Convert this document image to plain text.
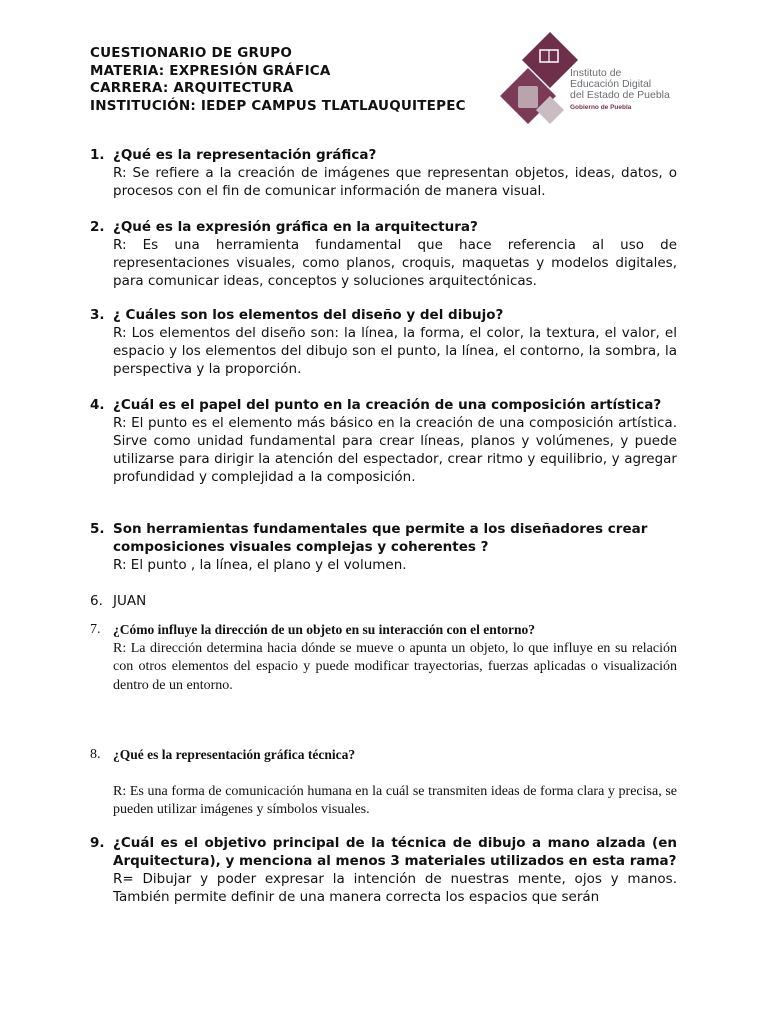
CUESTIONARIO DE GRUPO
MATERIA: EXPRESIÓN GRÁFICA
CARRERA: ARQUITECTURA
INSTITUCIÓN: IEDEP CAMPUS TLATLAUQUITEPEC
Instituto de
Educación Digital
del Estado de Puebla
Gobierno de Puebla
1. ¿Qué es la representación gráfica?
R: Se refiere a la creación de imágenes que representan objetos, ideas, datos, o procesos con el fin de comunicar información de manera visual.
2. ¿Qué es la expresión gráfica en la arquitectura?
R: Es una herramienta fundamental que hace referencia al uso de representaciones visuales, como planos, croquis, maquetas y modelos digitales, para comunicar ideas, conceptos y soluciones arquitectónicas.
3. ¿ Cuáles son los elementos del diseño y del dibujo?
R: Los elementos del diseño son: la línea, la forma, el color, la textura, el valor, el espacio y los elementos del dibujo son el punto, la línea, el contorno, la sombra, la perspectiva y la proporción.
4. ¿Cuál es el papel del punto en la creación de una composición artística?
R: El punto es el elemento más básico en la creación de una composición artística. Sirve como unidad fundamental para crear líneas, planos y volúmenes, y puede utilizarse para dirigir la atención del espectador, crear ritmo y equilibrio, y agregar profundidad y complejidad a la composición.
5. Son herramientas fundamentales que permite a los diseñadores crear composiciones visuales complejas y coherentes ?
R: El punto , la línea, el plano y el volumen.
6. JUAN
7. ¿Cómo influye la dirección de un objeto en su interacción con el entorno?
R: La dirección determina hacia dónde se mueve o apunta un objeto, lo que influye en su relación con otros elementos del espacio y puede modificar trayectorias, fuerzas aplicadas o visualización dentro de un entorno.
8. ¿Qué es la representación gráfica técnica?
R: Es una forma de comunicación humana en la cuál se transmiten ideas de forma clara y precisa, se pueden utilizar imágenes y símbolos visuales.
9. ¿Cuál es el objetivo principal de la técnica de dibujo a mano alzada (en Arquitectura), y menciona al menos 3 materiales utilizados en esta rama?
R= Dibujar y poder expresar la intención de nuestras mente, ojos y manos. También permite definir de una manera correcta los espacios que serán
